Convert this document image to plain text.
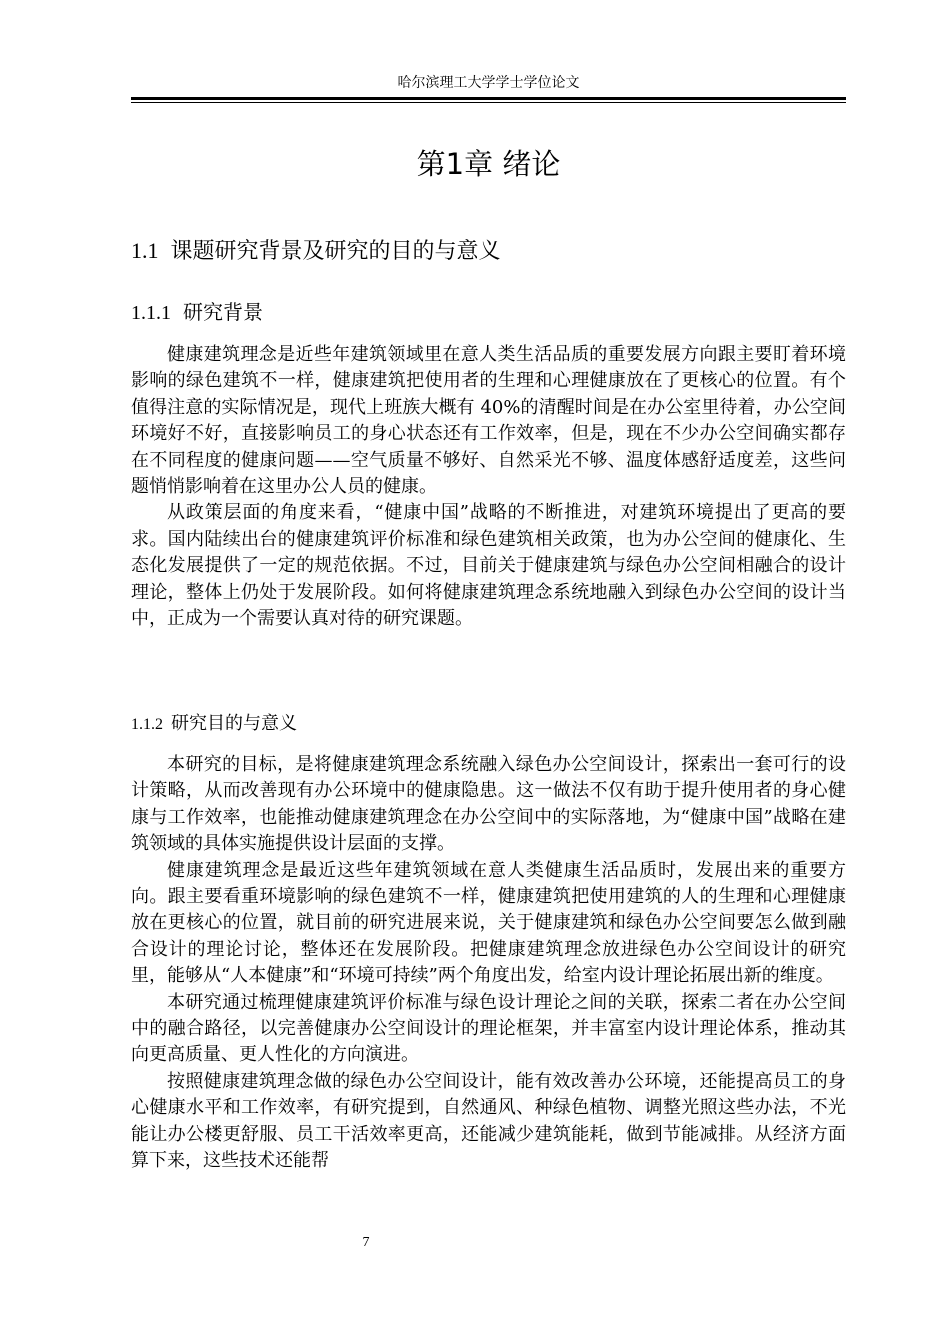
哈尔滨理工大学学士学位论文
第1章 绪论
1.1 课题研究背景及研究的目的与意义
1.1.1 研究背景

健康建筑理念是近些年建筑领域里在意人类生活品质的重要发展方向跟主要盯着环境影响的绿色建筑不一样，健康建筑把使用者的生理和心理健康放在了更核心的位置。有个值得注意的实际情况是，现代上班族大概有 40%的清醒时间是在办公室里待着，办公空间环境好不好，直接影响员工的身心状态还有工作效率，但是，现在不少办公空间确实都存在不同程度的健康问题——空气质量不够好、自然采光不够、温度体感舒适度差，这些问题悄悄影响着在这里办公人员的健康。

从政策层面的角度来看，“健康中国”战略的不断推进，对建筑环境提出了更高的要求。国内陆续出台的健康建筑评价标准和绿色建筑相关政策，也为办公空间的健康化、生态化发展提供了一定的规范依据。不过，目前关于健康建筑与绿色办公空间相融合的设计理论，整体上仍处于发展阶段。如何将健康建筑理念系统地融入到绿色办公空间的设计当中，正成为一个需要认真对待的研究课题。

1.1.2 研究目的与意义

本研究的目标，是将健康建筑理念系统融入绿色办公空间设计，探索出一套可行的设计策略，从而改善现有办公环境中的健康隐患。这一做法不仅有助于提升使用者的身心健康与工作效率，也能推动健康建筑理念在办公空间中的实际落地，为“健康中国”战略在建筑领域的具体实施提供设计层面的支撑。

健康建筑理念是最近这些年建筑领域在意人类健康生活品质时，发展出来的重要方向。跟主要看重环境影响的绿色建筑不一样，健康建筑把使用建筑的人的生理和心理健康放在更核心的位置，就目前的研究进展来说，关于健康建筑和绿色办公空间要怎么做到融合设计的理论讨论，整体还在发展阶段。把健康建筑理念放进绿色办公空间设计的研究里，能够从“人本健康”和“环境可持续”两个角度出发，给室内设计理论拓展出新的维度。

本研究通过梳理健康建筑评价标准与绿色设计理论之间的关联，探索二者在办公空间中的融合路径，以完善健康办公空间设计的理论框架，并丰富室内设计理论体系，推动其向更高质量、更人性化的方向演进。

按照健康建筑理念做的绿色办公空间设计，能有效改善办公环境，还能提高员工的身心健康水平和工作效率，有研究提到，自然通风、种绿色植物、调整光照这些办法，不光能让办公楼更舒服、员工干活效率更高，还能减少建筑能耗，做到节能减排。从经济方面算下来，这些技术还能帮

7
